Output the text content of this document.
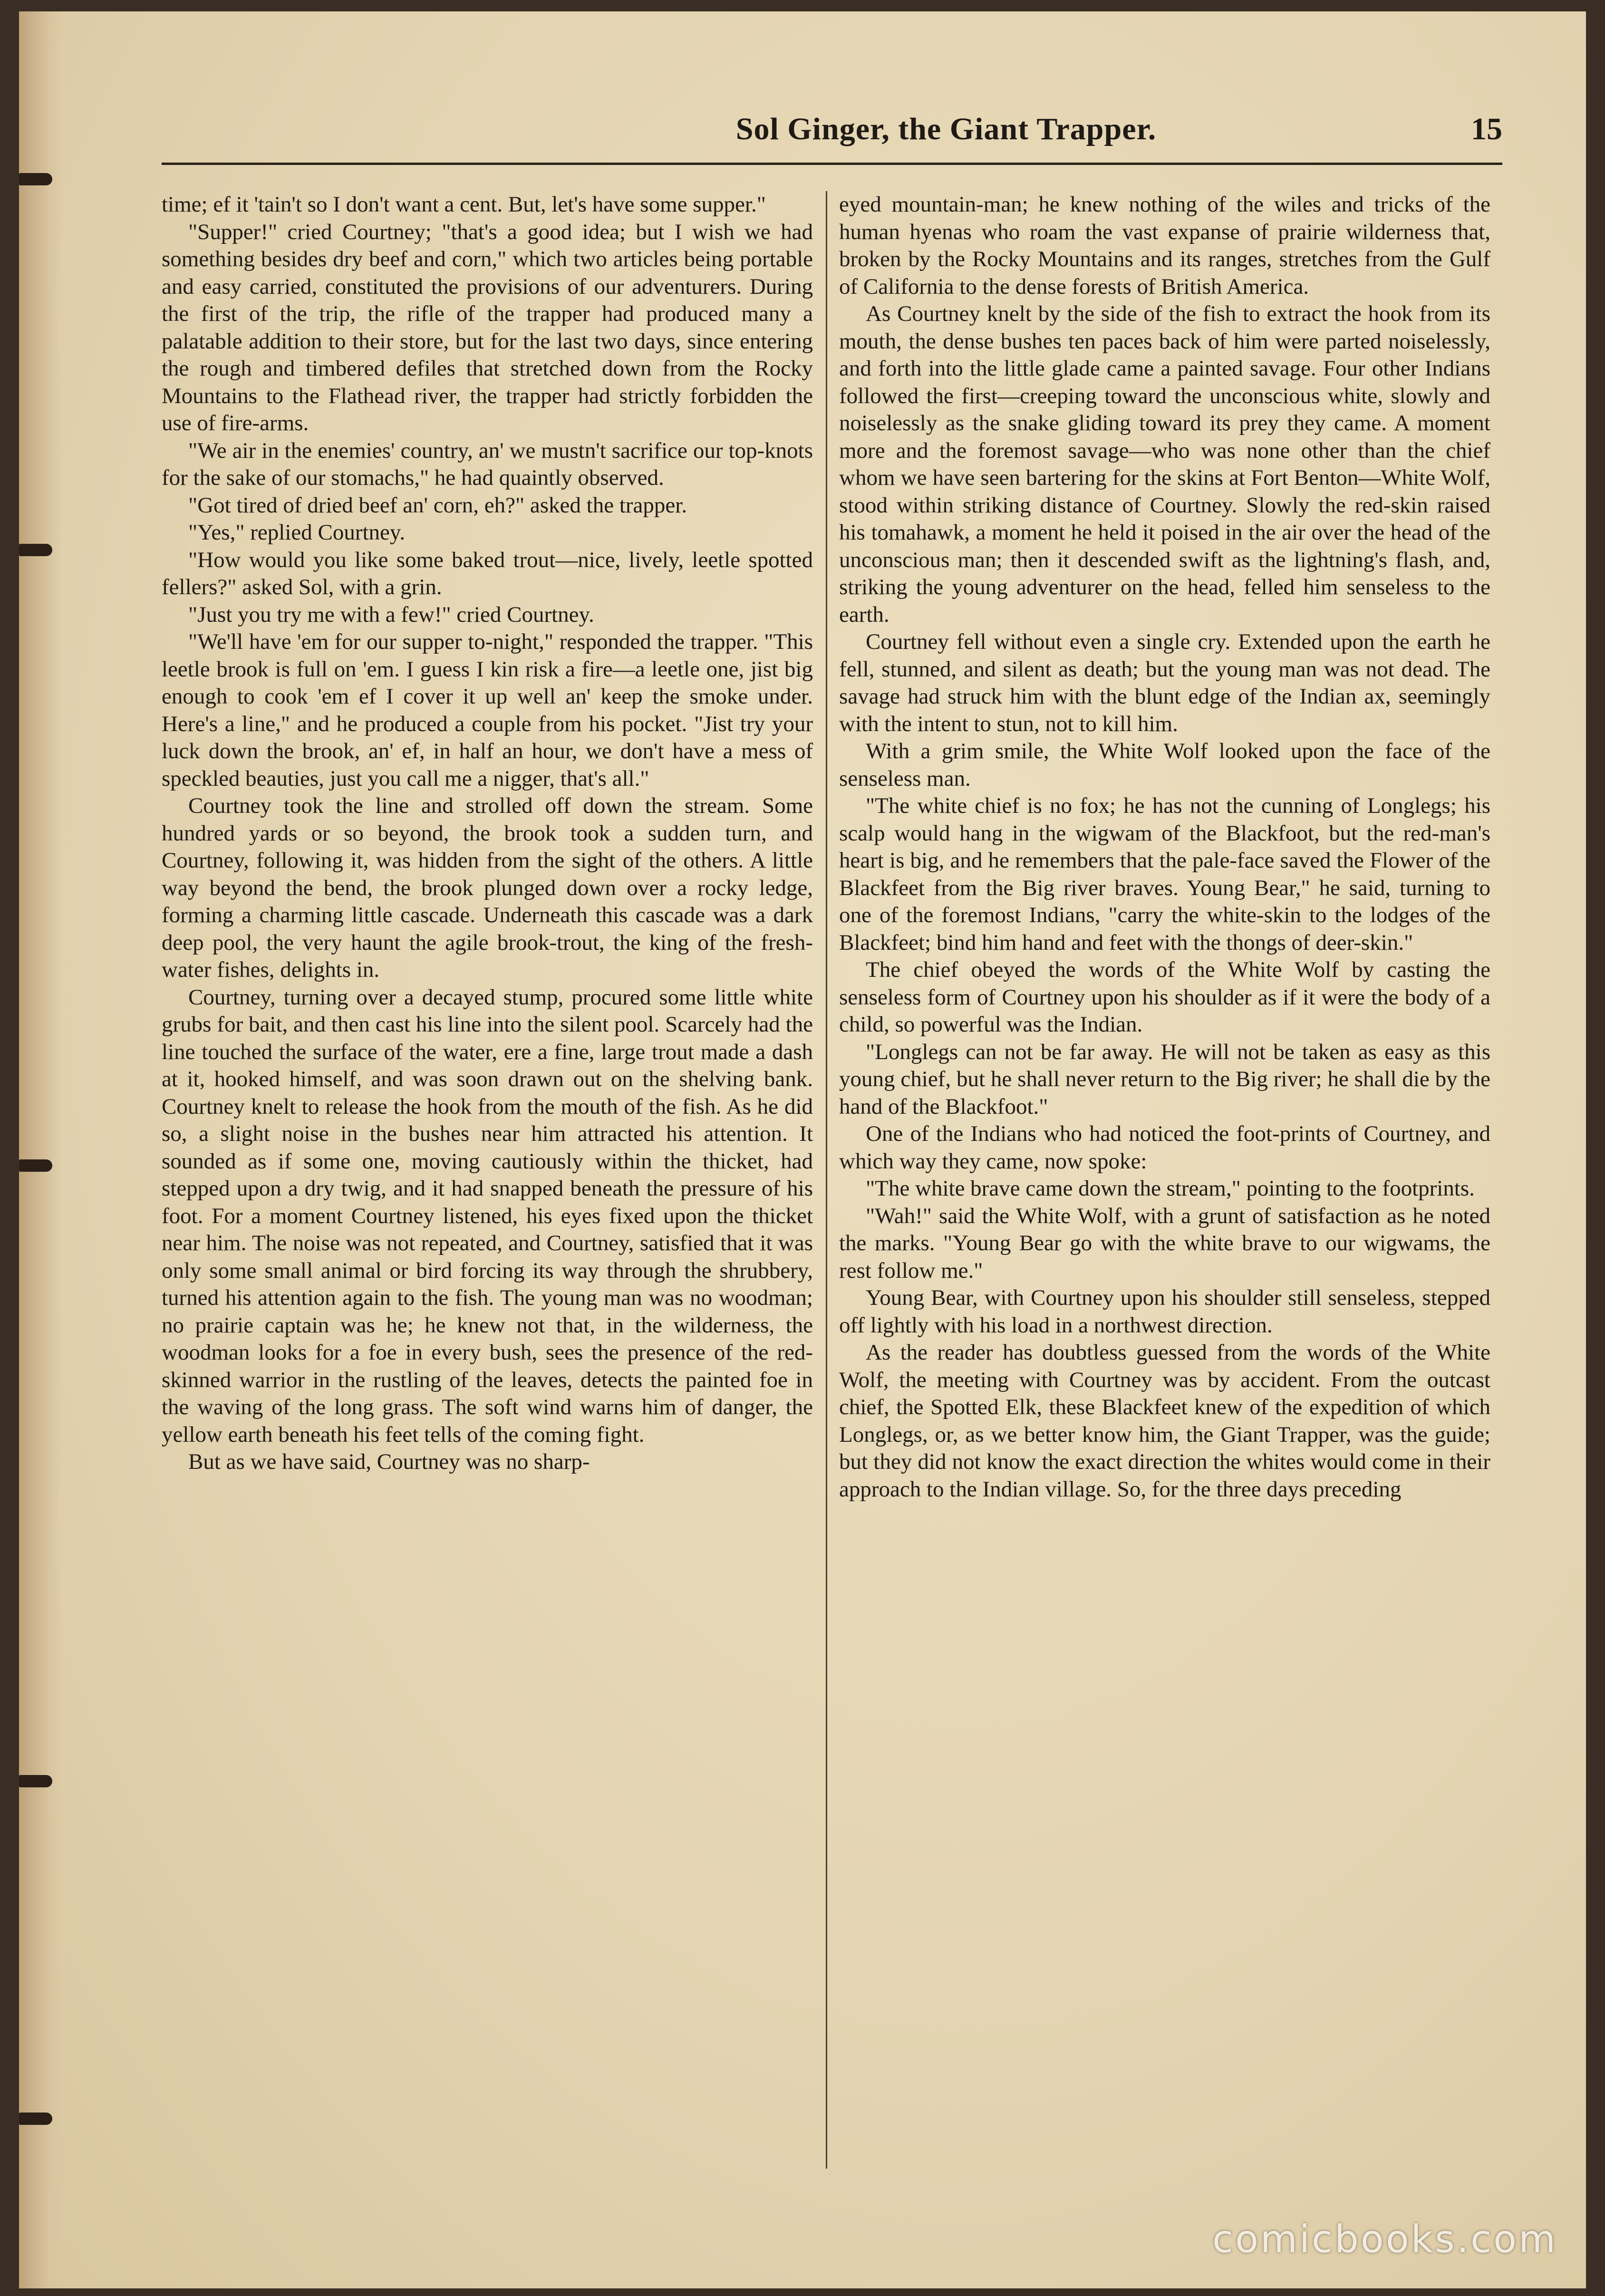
Sol Ginger, the Giant Trapper.	15

time; ef it 'tain't so I don't want a cent. But, let's have some supper."

"Supper!" cried Courtney; "that's a good idea; but I wish we had something besides dry beef and corn," which two articles being portable and easy carried, constituted the provisions of our adventurers. During the first of the trip, the rifle of the trapper had produced many a palatable addition to their store, but for the last two days, since entering the rough and timbered defiles that stretched down from the Rocky Mountains to the Flathead river, the trapper had strictly forbidden the use of fire-arms.

"We air in the enemies' country, an' we mustn't sacrifice our top-knots for the sake of our stomachs," he had quaintly observed.

"Got tired of dried beef an' corn, eh?" asked the trapper.

"Yes," replied Courtney.

"How would you like some baked trout—nice, lively, leetle spotted fellers?" asked Sol, with a grin.

"Just you try me with a few!" cried Courtney.

"We'll have 'em for our supper to-night," responded the trapper. "This leetle brook is full on 'em. I guess I kin risk a fire—a leetle one, jist big enough to cook 'em ef I cover it up well an' keep the smoke under. Here's a line," and he produced a couple from his pocket. "Jist try your luck down the brook, an' ef, in half an hour, we don't have a mess of speckled beauties, just you call me a nigger, that's all."

Courtney took the line and strolled off down the stream. Some hundred yards or so beyond, the brook took a sudden turn, and Courtney, following it, was hidden from the sight of the others. A little way beyond the bend, the brook plunged down over a rocky ledge, forming a charming little cascade. Underneath this cascade was a dark deep pool, the very haunt the agile brook-trout, the king of the fresh-water fishes, delights in.

Courtney, turning over a decayed stump, procured some little white grubs for bait, and then cast his line into the silent pool. Scarcely had the line touched the surface of the water, ere a fine, large trout made a dash at it, hooked himself, and was soon drawn out on the shelving bank. Courtney knelt to release the hook from the mouth of the fish. As he did so, a slight noise in the bushes near him attracted his attention. It sounded as if some one, moving cautiously within the thicket, had stepped upon a dry twig, and it had snapped beneath the pressure of his foot. For a moment Courtney listened, his eyes fixed upon the thicket near him. The noise was not repeated, and Courtney, satisfied that it was only some small animal or bird forcing its way through the shrubbery, turned his attention again to the fish. The young man was no woodman; no prairie captain was he; he knew not that, in the wilderness, the woodman looks for a foe in every bush, sees the presence of the red-skinned warrior in the rustling of the leaves, detects the painted foe in the waving of the long grass. The soft wind warns him of danger, the yellow earth beneath his feet tells of the coming fight.

But as we have said, Courtney was no sharp-

eyed mountain-man; he knew nothing of the wiles and tricks of the human hyenas who roam the vast expanse of prairie wilderness that, broken by the Rocky Mountains and its ranges, stretches from the Gulf of California to the dense forests of British America.

As Courtney knelt by the side of the fish to extract the hook from its mouth, the dense bushes ten paces back of him were parted noiselessly, and forth into the little glade came a painted savage. Four other Indians followed the first—creeping toward the unconscious white, slowly and noiselessly as the snake gliding toward its prey they came. A moment more and the foremost savage—who was none other than the chief whom we have seen bartering for the skins at Fort Benton—White Wolf, stood within striking distance of Courtney. Slowly the red-skin raised his tomahawk, a moment he held it poised in the air over the head of the unconscious man; then it descended swift as the lightning's flash, and, striking the young adventurer on the head, felled him senseless to the earth.

Courtney fell without even a single cry. Extended upon the earth he fell, stunned, and silent as death; but the young man was not dead. The savage had struck him with the blunt edge of the Indian ax, seemingly with the intent to stun, not to kill him.

With a grim smile, the White Wolf looked upon the face of the senseless man.

"The white chief is no fox; he has not the cunning of Longlegs; his scalp would hang in the wigwam of the Blackfoot, but the red-man's heart is big, and he remembers that the pale-face saved the Flower of the Blackfeet from the Big river braves. Young Bear," he said, turning to one of the foremost Indians, "carry the white-skin to the lodges of the Blackfeet; bind him hand and feet with the thongs of deer-skin."

The chief obeyed the words of the White Wolf by casting the senseless form of Courtney upon his shoulder as if it were the body of a child, so powerful was the Indian.

"Longlegs can not be far away. He will not be taken as easy as this young chief, but he shall never return to the Big river; he shall die by the hand of the Blackfoot."

One of the Indians who had noticed the foot-prints of Courtney, and which way they came, now spoke:

"The white brave came down the stream," pointing to the footprints.

"Wah!" said the White Wolf, with a grunt of satisfaction as he noted the marks. "Young Bear go with the white brave to our wigwams, the rest follow me."

Young Bear, with Courtney upon his shoulder still senseless, stepped off lightly with his load in a northwest direction.

As the reader has doubtless guessed from the words of the White Wolf, the meeting with Courtney was by accident. From the outcast chief, the Spotted Elk, these Blackfeet knew of the expedition of which Longlegs, or, as we better know him, the Giant Trapper, was the guide; but they did not know the exact direction the whites would come in their approach to the Indian village. So, for the three days preceding

comicbooks.com
